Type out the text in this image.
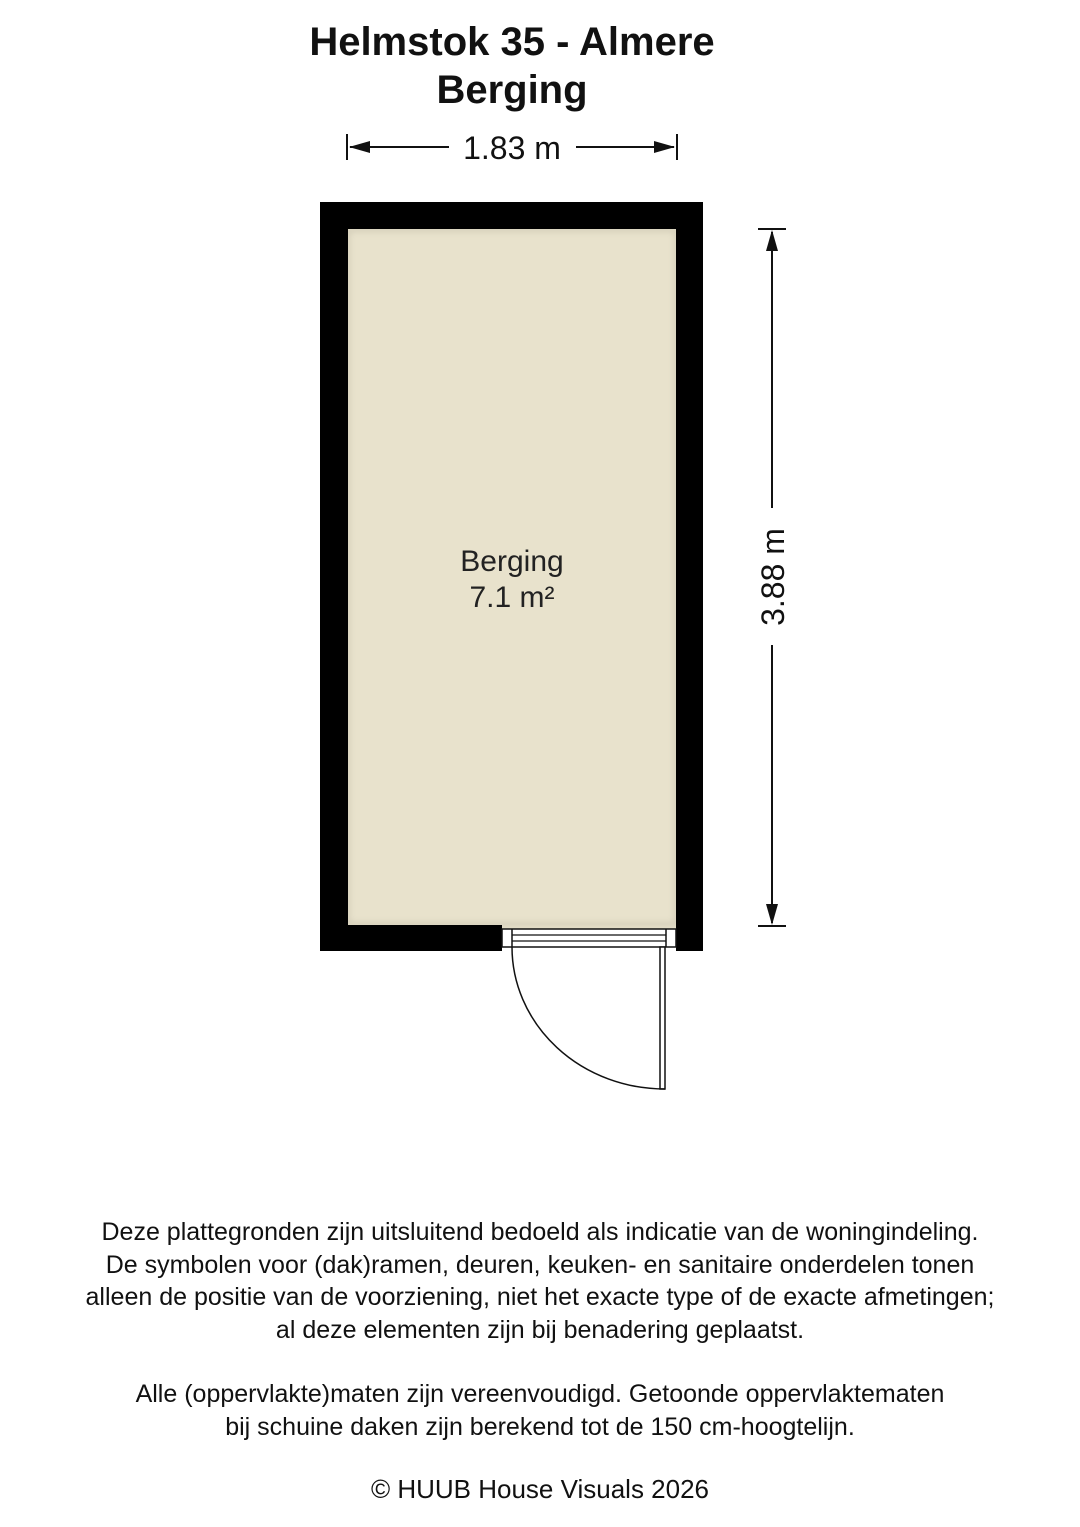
Helmstok 35 - Almere
Berging
1.83 m
3.88 m
Berging
7.1 m²
Deze plattegronden zijn uitsluitend bedoeld als indicatie van de woningindeling.
De symbolen voor (dak)ramen, deuren, keuken- en sanitaire onderdelen tonen
alleen de positie van de voorziening, niet het exacte type of de exacte afmetingen;
al deze elementen zijn bij benadering geplaatst.
Alle (oppervlakte)maten zijn vereenvoudigd. Getoonde oppervlaktematen
bij schuine daken zijn berekend tot de 150 cm-hoogtelijn.
© HUUB House Visuals 2026
